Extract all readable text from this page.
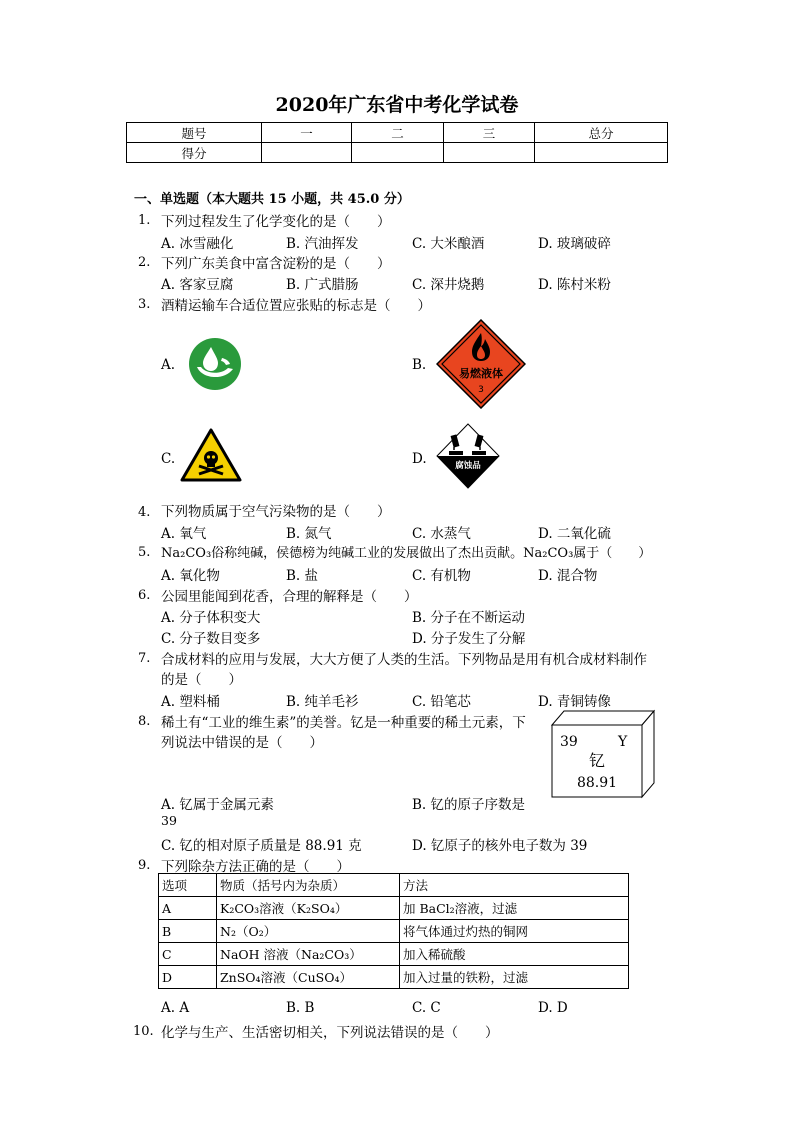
2020年广东省中考化学试卷
题号	一	二	三	总分
得分				
一、单选题（本大题共 15 小题，共 45.0 分）
1. 下列过程发生了化学变化的是（　　）
A. 冰雪融化	B. 汽油挥发	C. 大米酿酒	D. 玻璃破碎
2. 下列广东美食中富含淀粉的是（　　）
A. 客家豆腐	B. 广式腊肠	C. 深井烧鹅	D. 陈村米粉
3. 酒精运输车合适位置应张贴的标志是（　　）
A.	B.
易燃液体
3
C.	D.	腐蚀品
4. 下列物质属于空气污染物的是（　　）
A. 氧气	B. 氮气	C. 水蒸气	D. 二氧化硫
5. Na₂CO₃俗称纯碱，侯德榜为纯碱工业的发展做出了杰出贡献。Na₂CO₃属于（　　）
A. 氧化物	B. 盐	C. 有机物	D. 混合物
6. 公园里能闻到花香，合理的解释是（　　）
A. 分子体积变大	B. 分子在不断运动
C. 分子数目变多	D. 分子发生了分解
7. 合成材料的应用与发展，大大方便了人类的生活。下列物品是用有机合成材料制作
的是（　　）
A. 塑料桶	B. 纯羊毛衫	C. 铅笔芯	D. 青铜铸像
8. 稀土有“工业的维生素”的美誉。钇是一种重要的稀土元素，下
列说法中错误的是（　　）	39	Y
钇
88.91
A. 钇属于金属元素	B. 钇的原子序数是
39
C. 钇的相对原子质量是 88.91 克	D. 钇原子的核外电子数为 39
9. 下列除杂方法正确的是（　　）
选项	物质（括号内为杂质）	方法
A	K₂CO₃溶液（K₂SO₄）	加 BaCl₂溶液，过滤
B	N₂（O₂）	将气体通过灼热的铜网
C	NaOH 溶液（Na₂CO₃）	加入稀硫酸
D	ZnSO₄溶液（CuSO₄）	加入过量的铁粉，过滤
A. A	B. B	C. C	D. D
10. 化学与生产、生活密切相关，下列说法错误的是（　　）
